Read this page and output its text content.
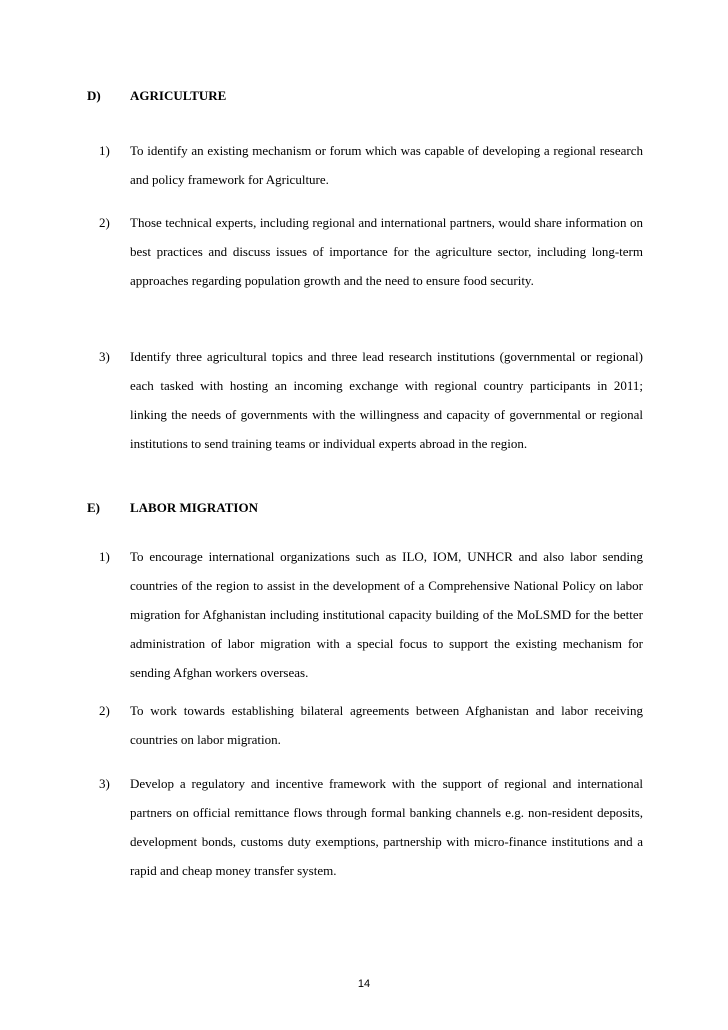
D) AGRICULTURE
1)	To identify an existing mechanism or forum which was capable of developing a regional research and policy framework for Agriculture.
2)	Those technical experts, including regional and international partners, would share information on best practices and discuss issues of importance for the agriculture sector, including long-term approaches regarding population growth and the need to ensure food security.
3)	Identify three agricultural topics and three lead research institutions (governmental or regional) each tasked with hosting an incoming exchange with regional country participants in 2011; linking the needs of governments with the willingness and capacity of governmental or regional institutions to send training teams or individual experts abroad in the region.
E) LABOR MIGRATION
1)	To encourage international organizations such as ILO, IOM, UNHCR and also labor sending countries of the region to assist in the development of a Comprehensive National Policy on labor migration for Afghanistan including institutional capacity building of the MoLSMD for the better administration of labor migration with a special focus to support the existing mechanism for sending Afghan workers overseas.
2)	To work towards establishing bilateral agreements between Afghanistan and labor receiving countries on labor migration.
3)	Develop a regulatory and incentive framework with the support of regional and international partners on official remittance flows through formal banking channels e.g. non-resident deposits, development bonds, customs duty exemptions, partnership with micro-finance institutions and a rapid and cheap money transfer system.
14
